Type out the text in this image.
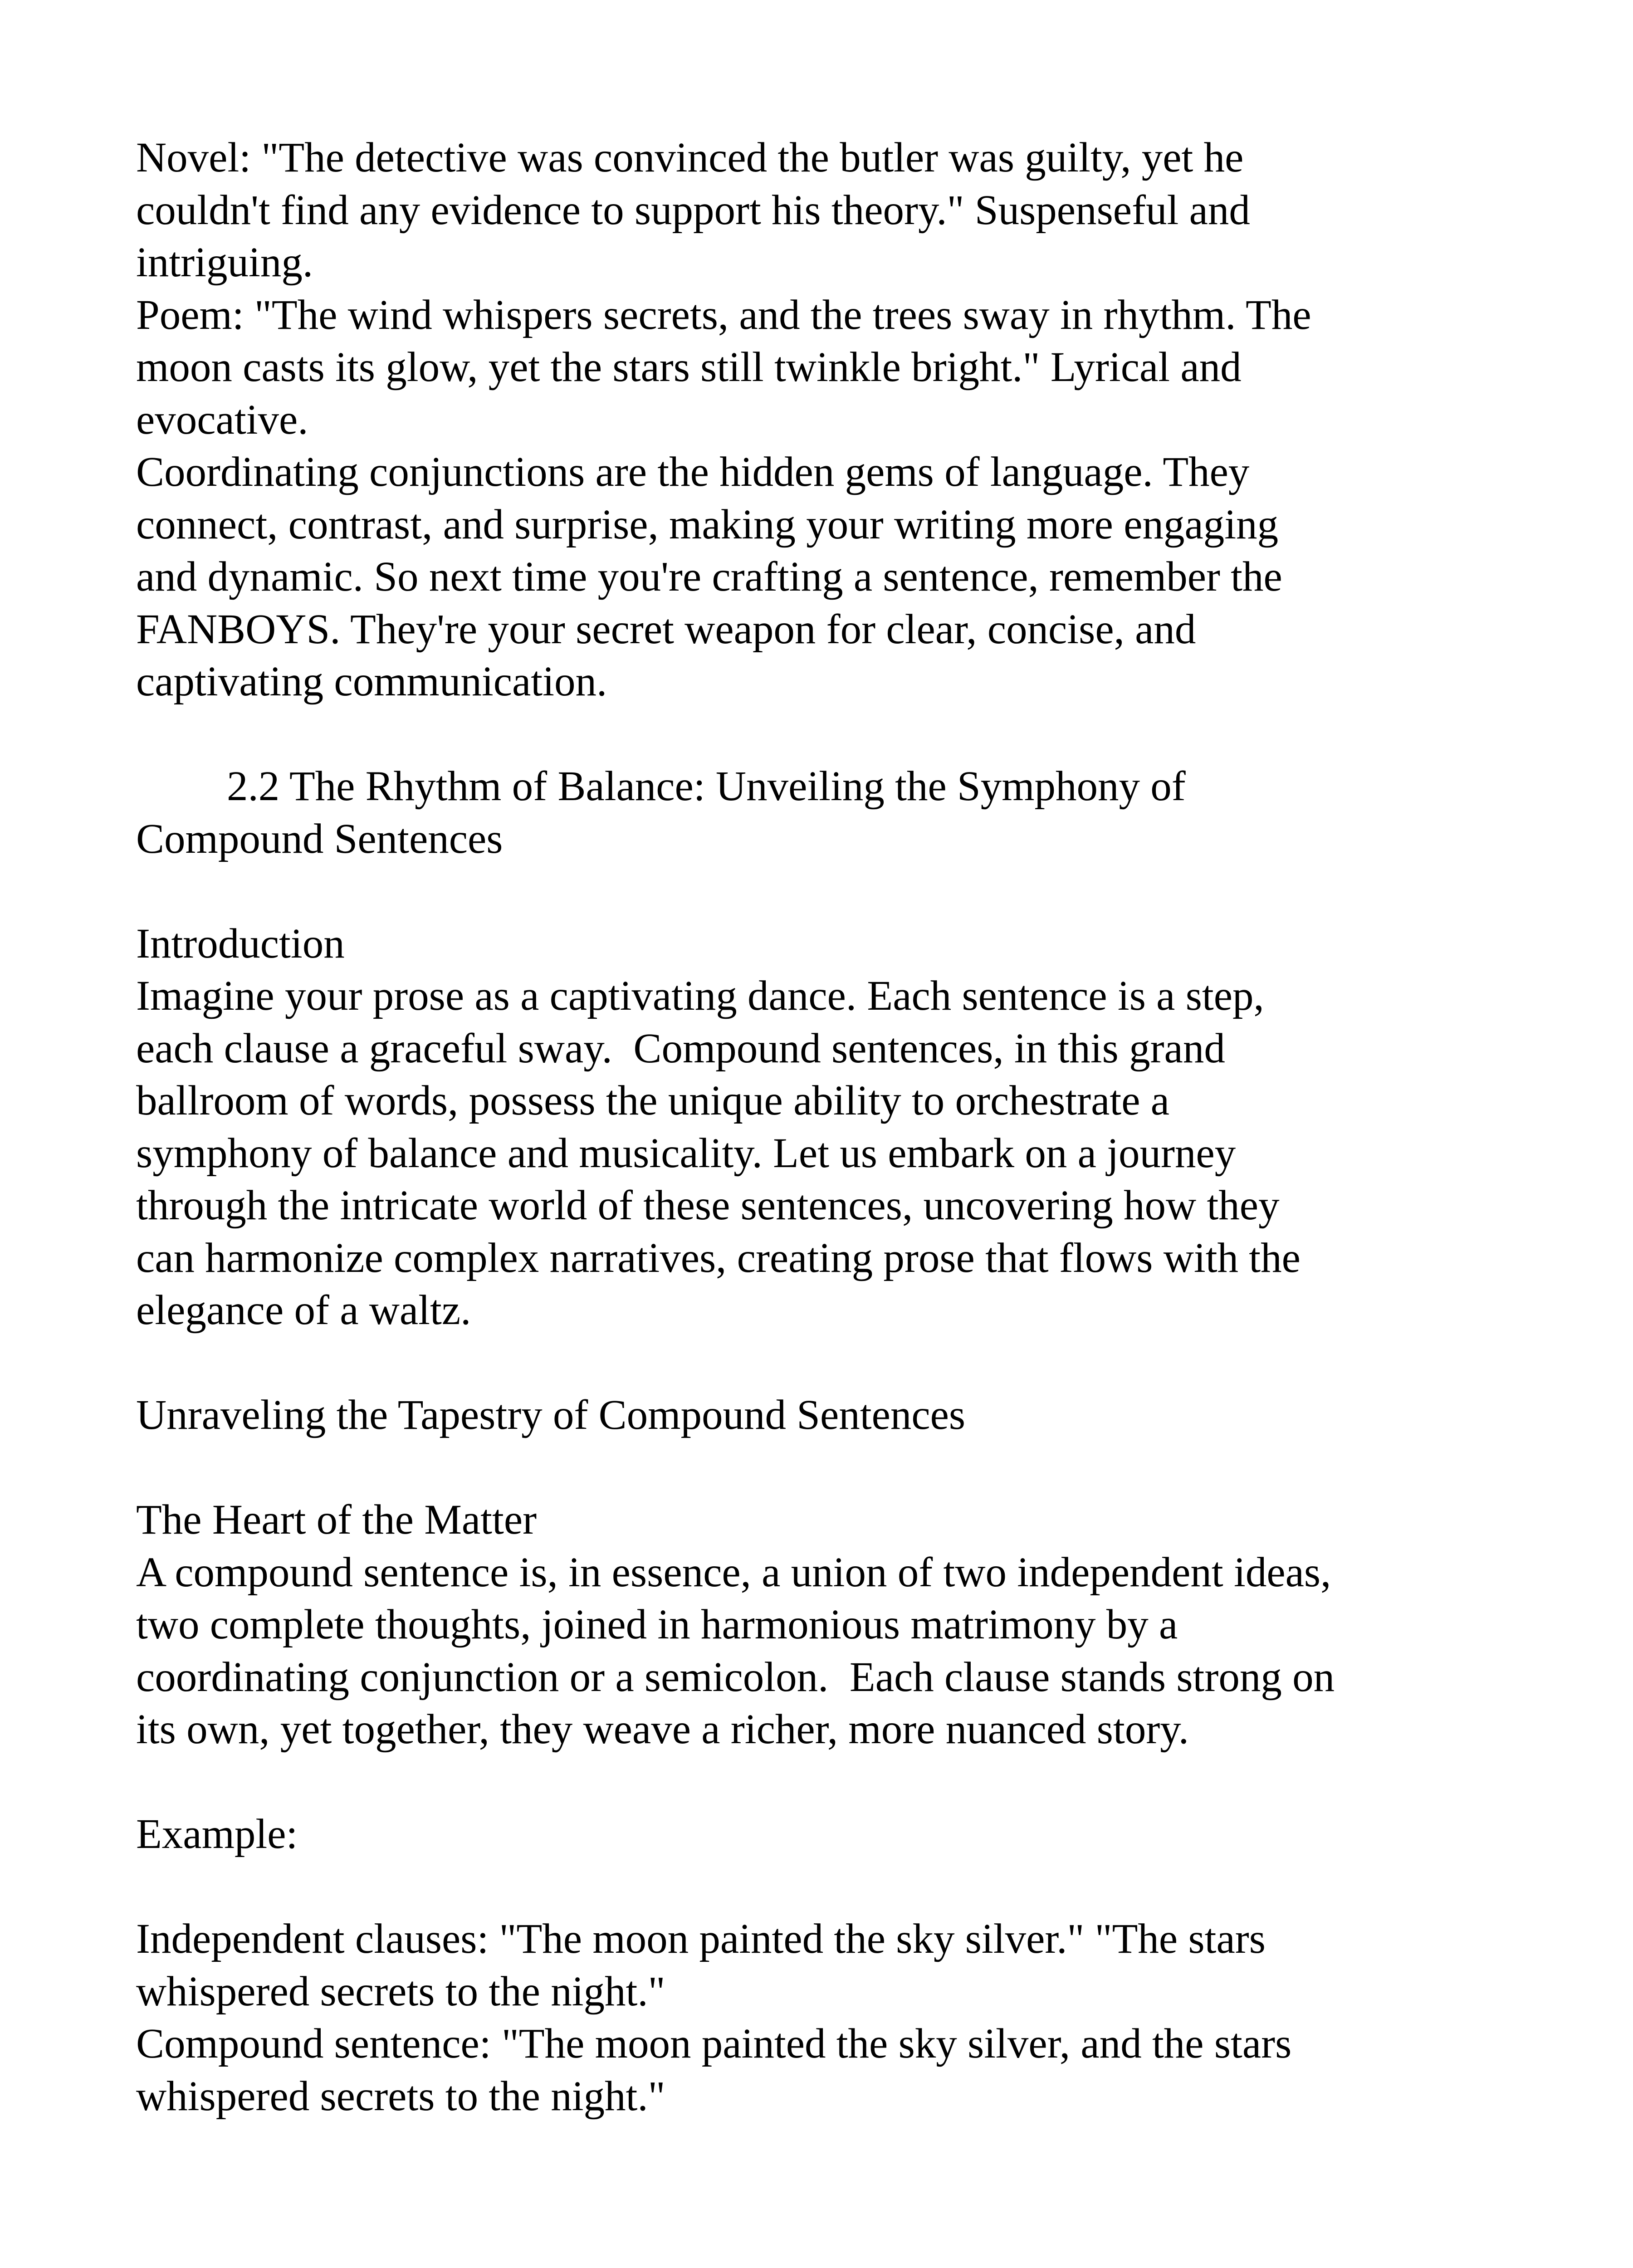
Novel: "The detective was convinced the butler was guilty, yet he
couldn't find any evidence to support his theory." Suspenseful and
intriguing.
Poem: "The wind whispers secrets, and the trees sway in rhythm. The
moon casts its glow, yet the stars still twinkle bright." Lyrical and
evocative.
Coordinating conjunctions are the hidden gems of language. They
connect, contrast, and surprise, making your writing more engaging
and dynamic. So next time you're crafting a sentence, remember the
FANBOYS. They're your secret weapon for clear, concise, and
captivating communication.
2.2 The Rhythm of Balance: Unveiling the Symphony of
Compound Sentences
Introduction
Imagine your prose as a captivating dance. Each sentence is a step,
each clause a graceful sway.  Compound sentences, in this grand
ballroom of words, possess the unique ability to orchestrate a
symphony of balance and musicality. Let us embark on a journey
through the intricate world of these sentences, uncovering how they
can harmonize complex narratives, creating prose that flows with the
elegance of a waltz.
Unraveling the Tapestry of Compound Sentences
The Heart of the Matter
A compound sentence is, in essence, a union of two independent ideas,
two complete thoughts, joined in harmonious matrimony by a
coordinating conjunction or a semicolon.  Each clause stands strong on
its own, yet together, they weave a richer, more nuanced story.
Example:
Independent clauses: "The moon painted the sky silver." "The stars
whispered secrets to the night."
Compound sentence: "The moon painted the sky silver, and the stars
whispered secrets to the night."
